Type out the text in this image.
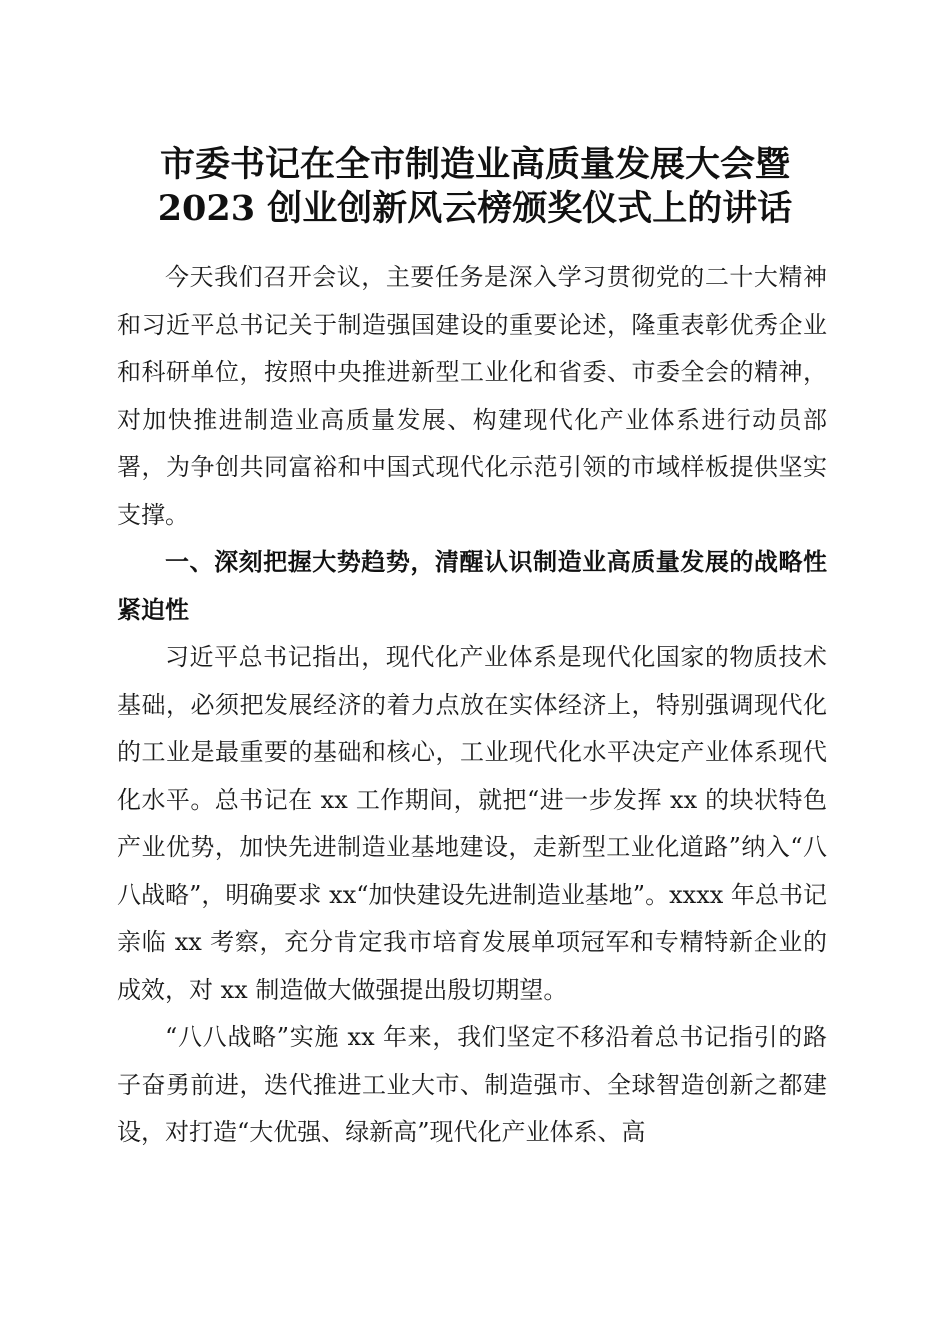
市委书记在全市制造业高质量发展大会暨
2023 创业创新风云榜颁奖仪式上的讲话

今天我们召开会议，主要任务是深入学习贯彻党的二十大精神和习近平总书记关于制造强国建设的重要论述，隆重表彰优秀企业和科研单位，按照中央推进新型工业化和省委、市委全会的精神，对加快推进制造业高质量发展、构建现代化产业体系进行动员部署，为争创共同富裕和中国式现代化示范引领的市域样板提供坚实支撑。

一、深刻把握大势趋势，清醒认识制造业高质量发展的战略性紧迫性

习近平总书记指出，现代化产业体系是现代化国家的物质技术基础，必须把发展经济的着力点放在实体经济上，特别强调现代化的工业是最重要的基础和核心，工业现代化水平决定产业体系现代化水平。总书记在 xx 工作期间，就把“进一步发挥 xx 的块状特色产业优势，加快先进制造业基地建设，走新型工业化道路”纳入“八八战略”，明确要求 xx“加快建设先进制造业基地”。xxxx 年总书记亲临 xx 考察，充分肯定我市培育发展单项冠军和专精特新企业的成效，对 xx 制造做大做强提出殷切期望。

“八八战略”实施 xx 年来，我们坚定不移沿着总书记指引的路子奋勇前进，迭代推进工业大市、制造强市、全球智造创新之都建设，对打造“大优强、绿新高”现代化产业体系、高
